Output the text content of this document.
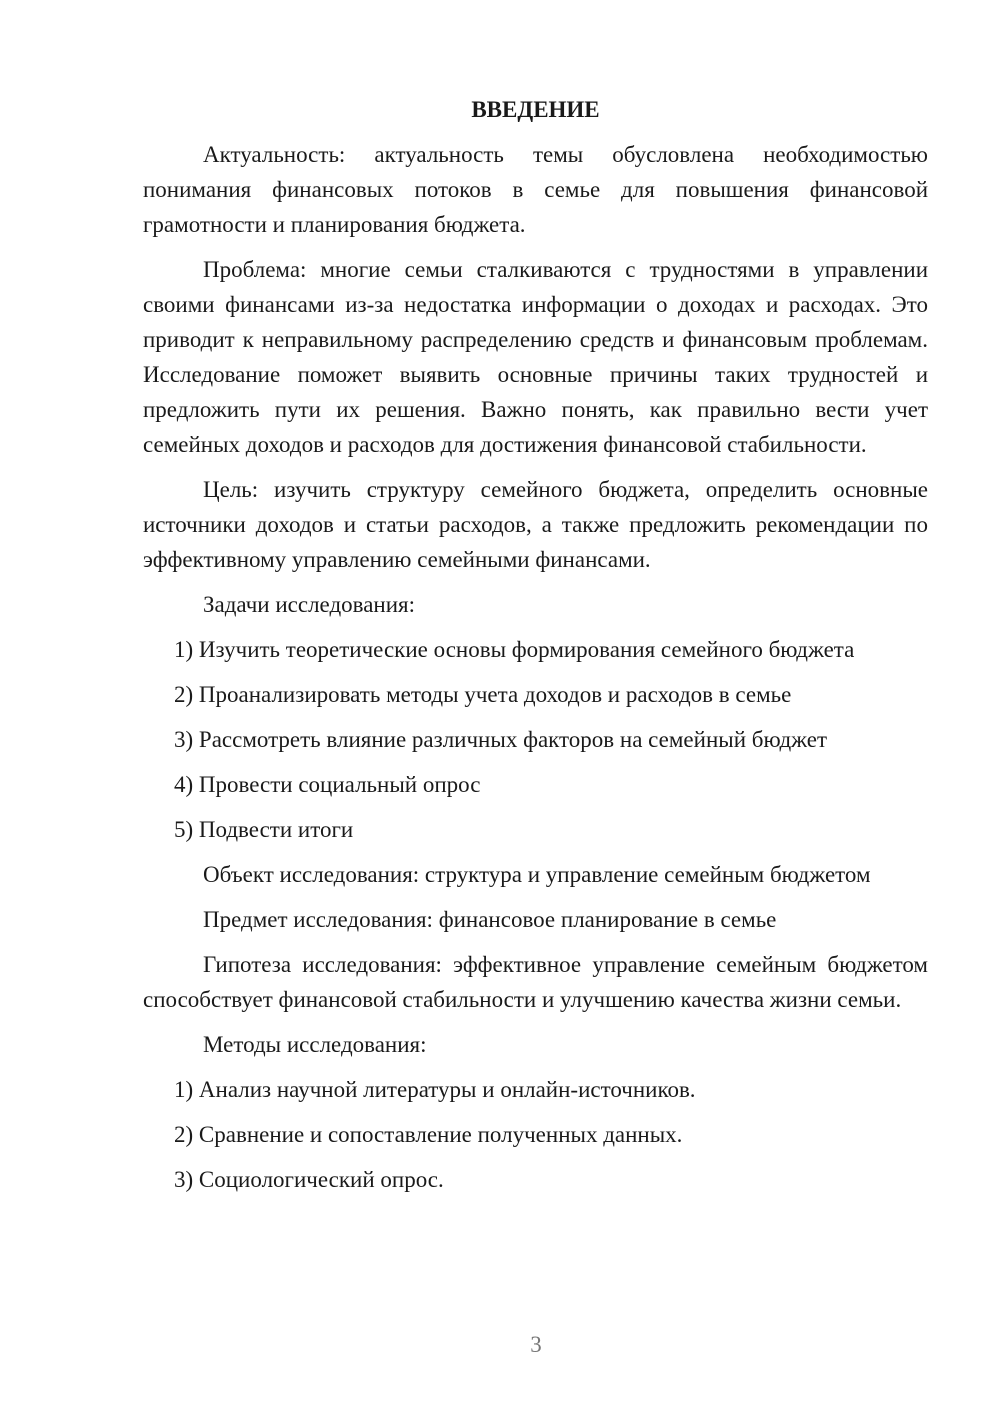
ВВЕДЕНИЕ

Актуальность: актуальность темы обусловлена необходимостью понимания финансовых потоков в семье для повышения финансовой грамотности и планирования бюджета.

Проблема: многие семьи сталкиваются с трудностями в управлении своими финансами из-за недостатка информации о доходах и расходах. Это приводит к неправильному распределению средств и финансовым проблемам. Исследование поможет выявить основные причины таких трудностей и предложить пути их решения. Важно понять, как правильно вести учет семейных доходов и расходов для достижения финансовой стабильности.

Цель: изучить структуру семейного бюджета, определить основные источники доходов и статьи расходов, а также предложить рекомендации по эффективному управлению семейными финансами.

Задачи исследования:

1) Изучить теоретические основы формирования семейного бюджета
2) Проанализировать методы учета доходов и расходов в семье
3) Рассмотреть влияние различных факторов на семейный бюджет
4) Провести социальный опрос
5) Подвести итоги

Объект исследования: структура и управление семейным бюджетом

Предмет исследования: финансовое планирование в семье

Гипотеза исследования: эффективное управление семейным бюджетом способствует финансовой стабильности и улучшению качества жизни семьи.

Методы исследования:

1) Анализ научной литературы и онлайн-источников.
2) Сравнение и сопоставление полученных данных.
3) Социологический опрос.
3
